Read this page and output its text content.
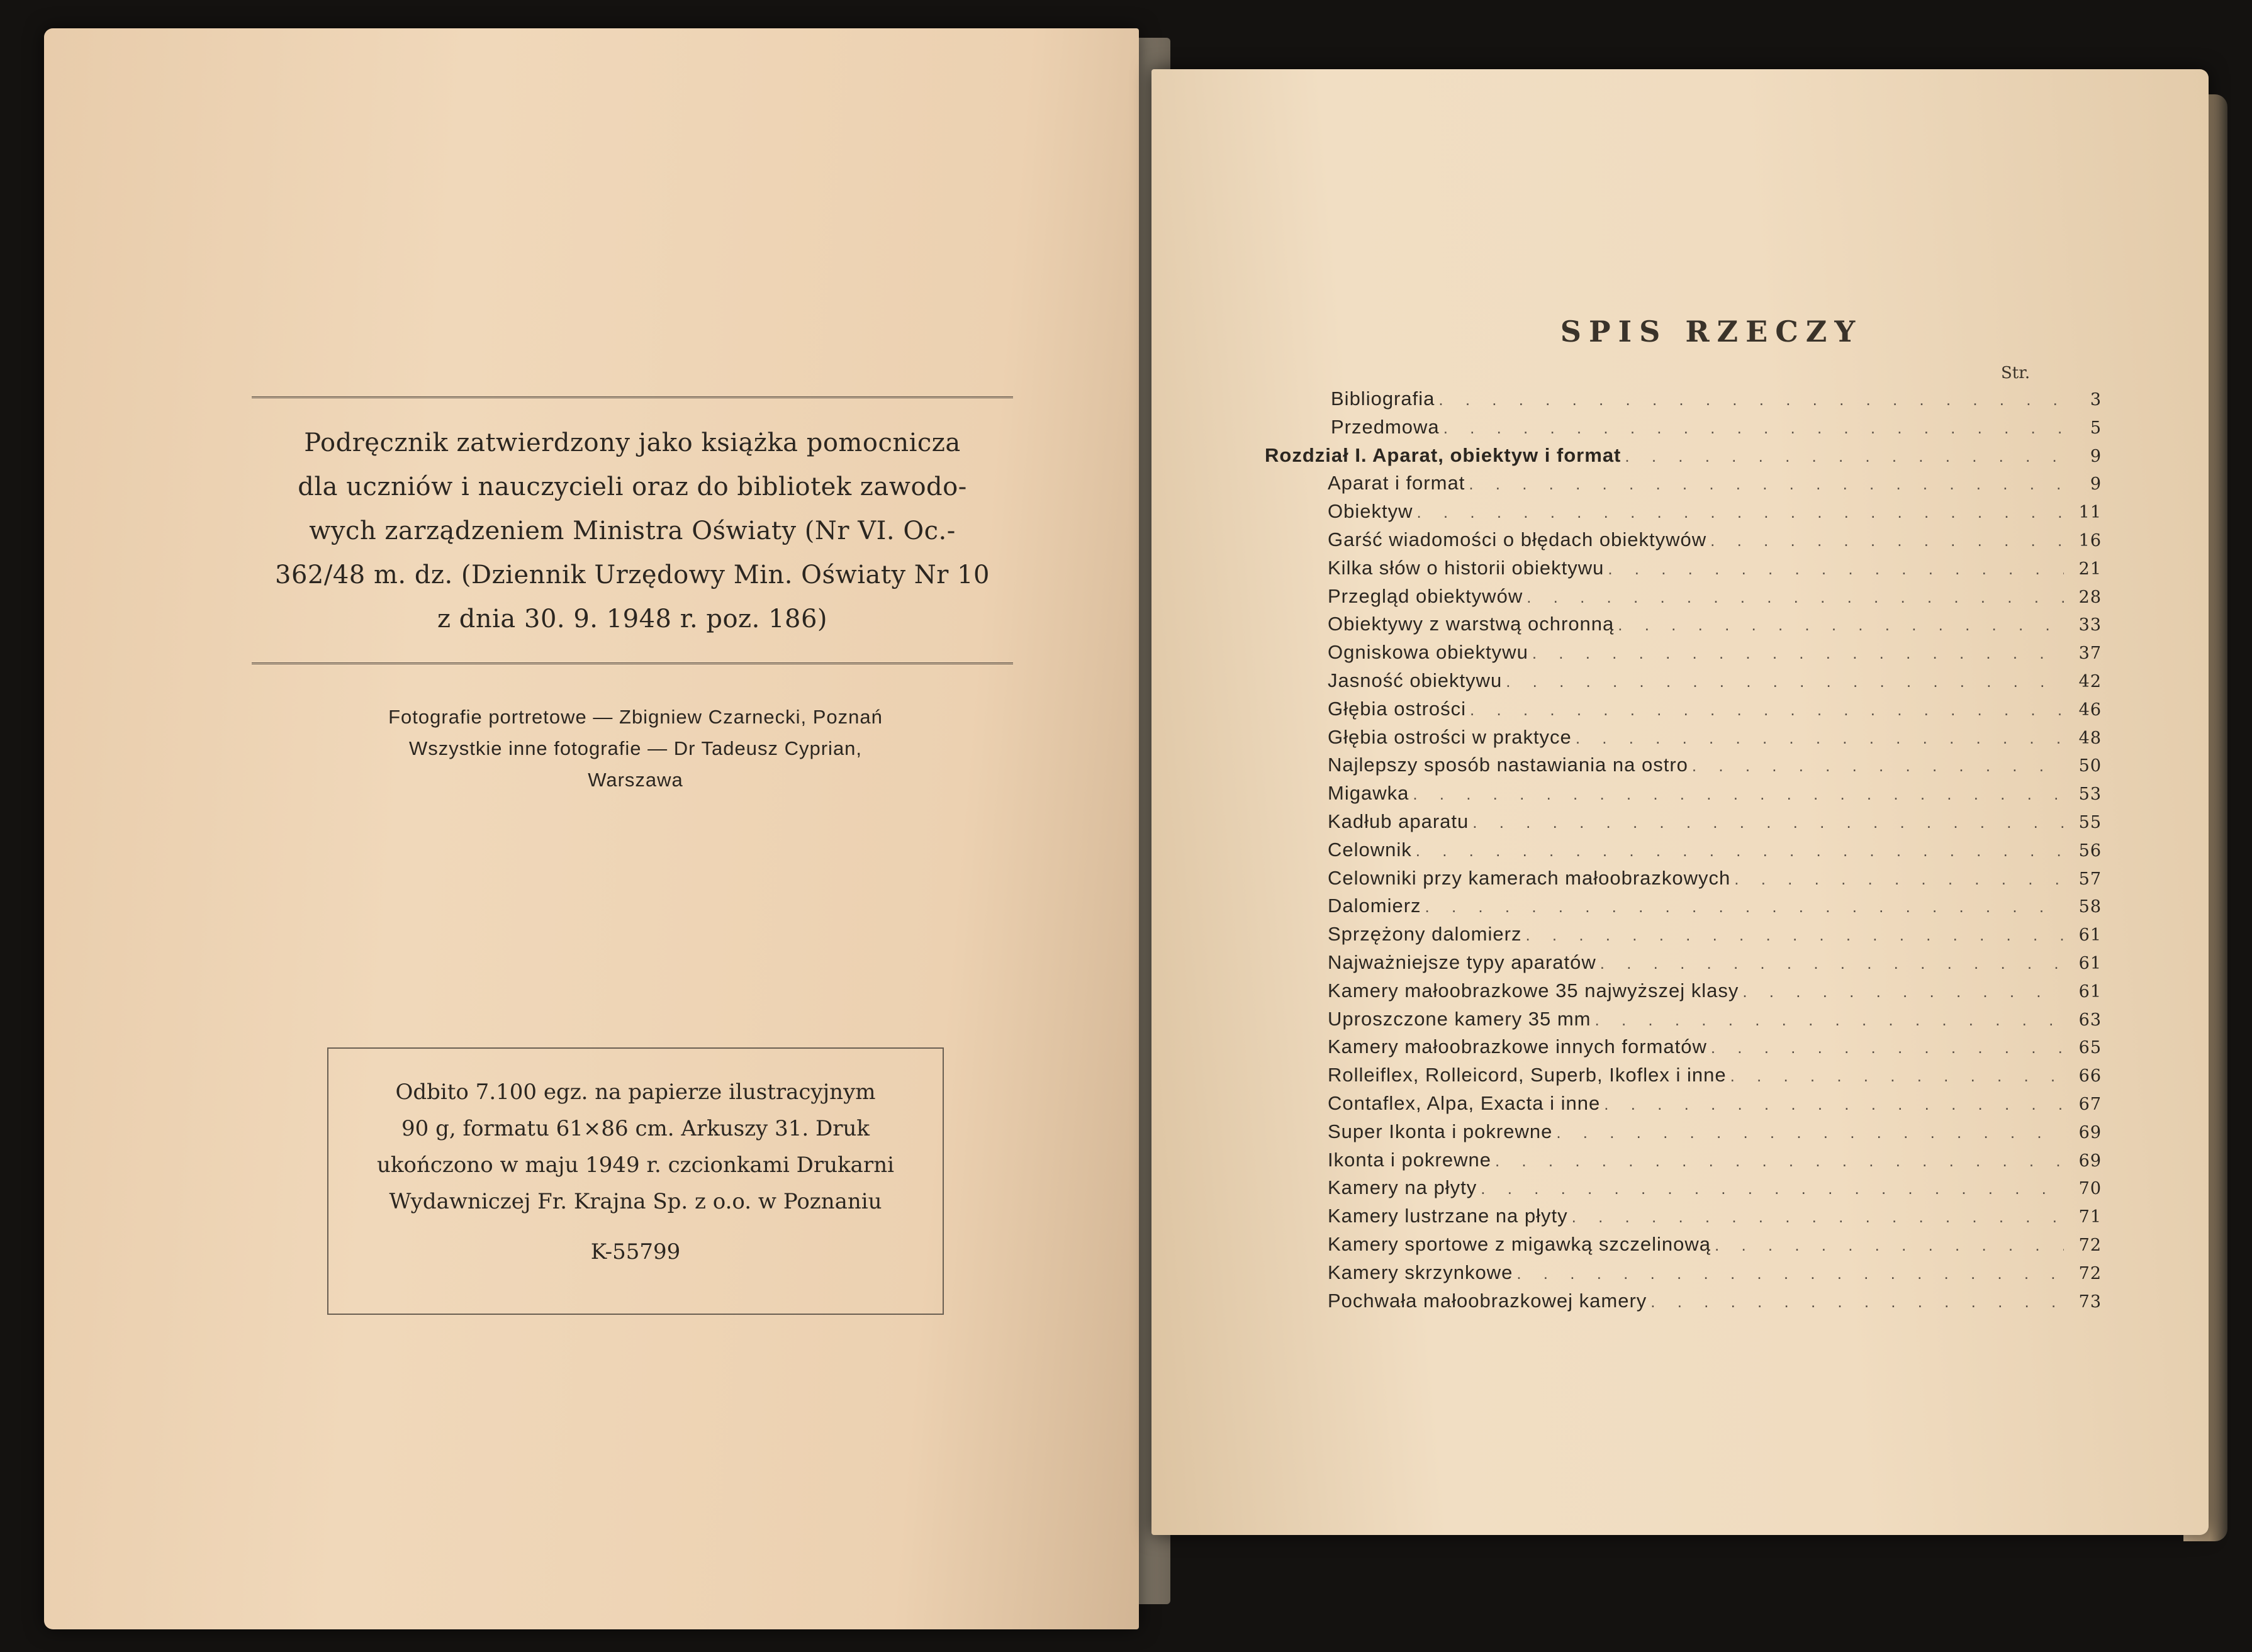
Podręcznik zatwierdzony jako książka pomocnicza

dla uczniów i nauczycieli oraz do bibliotek zawodo-

wych zarządzeniem Ministra Oświaty (Nr VI. Oc.-

362/48 m. dz. (Dziennik Urzędowy Min. Oświaty Nr 10

z dnia 30. 9. 1948 r. poz. 186)

Fotografie portretowe — Zbigniew Czarnecki, Poznań
Wszystkie inne fotografie — Dr Tadeusz Cyprian,
Warszawa
Odbito 7.100 egz. na papierze ilustracyjnym
90 g, formatu 61×86 cm. Arkuszy 31. Druk
ukończono w maju 1949 r. czcionkami Drukarni
Wydawniczej Fr. Krajna Sp. z o.o. w Poznaniu
K-55799
SPIS RZECZY
Str.
Bibliografia . . .	3
Przedmowa . . .	5
Rozdział I. Aparat, obiektyw i format . . .	9
Aparat i format . . .	9
Obiektyw . . .	11
Garść wiadomości o błędach obiektywów . . .	16
Kilka słów o historii obiektywu . . .	21
Przegląd obiektywów . . .	28
Obiektywy z warstwą ochronną . . .	33
Ogniskowa obiektywu . . .	37
Jasność obiektywu . . .	42
Głębia ostrości . . .	46
Głębia ostrości w praktyce . . .	48
Najlepszy sposób nastawiania na ostro . . .	50
Migawka . . .	53
Kadłub aparatu . . .	55
Celownik . . .	56
Celowniki przy kamerach małoobrazkowych . . .	57
Dalomierz . . .	58
Sprzężony dalomierz . . .	61
Najważniejsze typy aparatów . . .	61
Kamery małoobrazkowe 35 najwyższej klasy . . .	61
Uproszczone kamery 35 mm . . .	63
Kamery małoobrazkowe innych formatów . . .	65
Rolleiflex, Rolleicord, Superb, Ikoflex i inne . . .	66
Contaflex, Alpa, Exacta i inne . . .	67
Super Ikonta i pokrewne . . .	69
Ikonta i pokrewne . . .	69
Kamery na płyty . . .	70
Kamery lustrzane na płyty . . .	71
Kamery sportowe z migawką szczelinową . . .	72
Kamery skrzynkowe . . .	72
Pochwała małoobrazkowej kamery . . .	73
